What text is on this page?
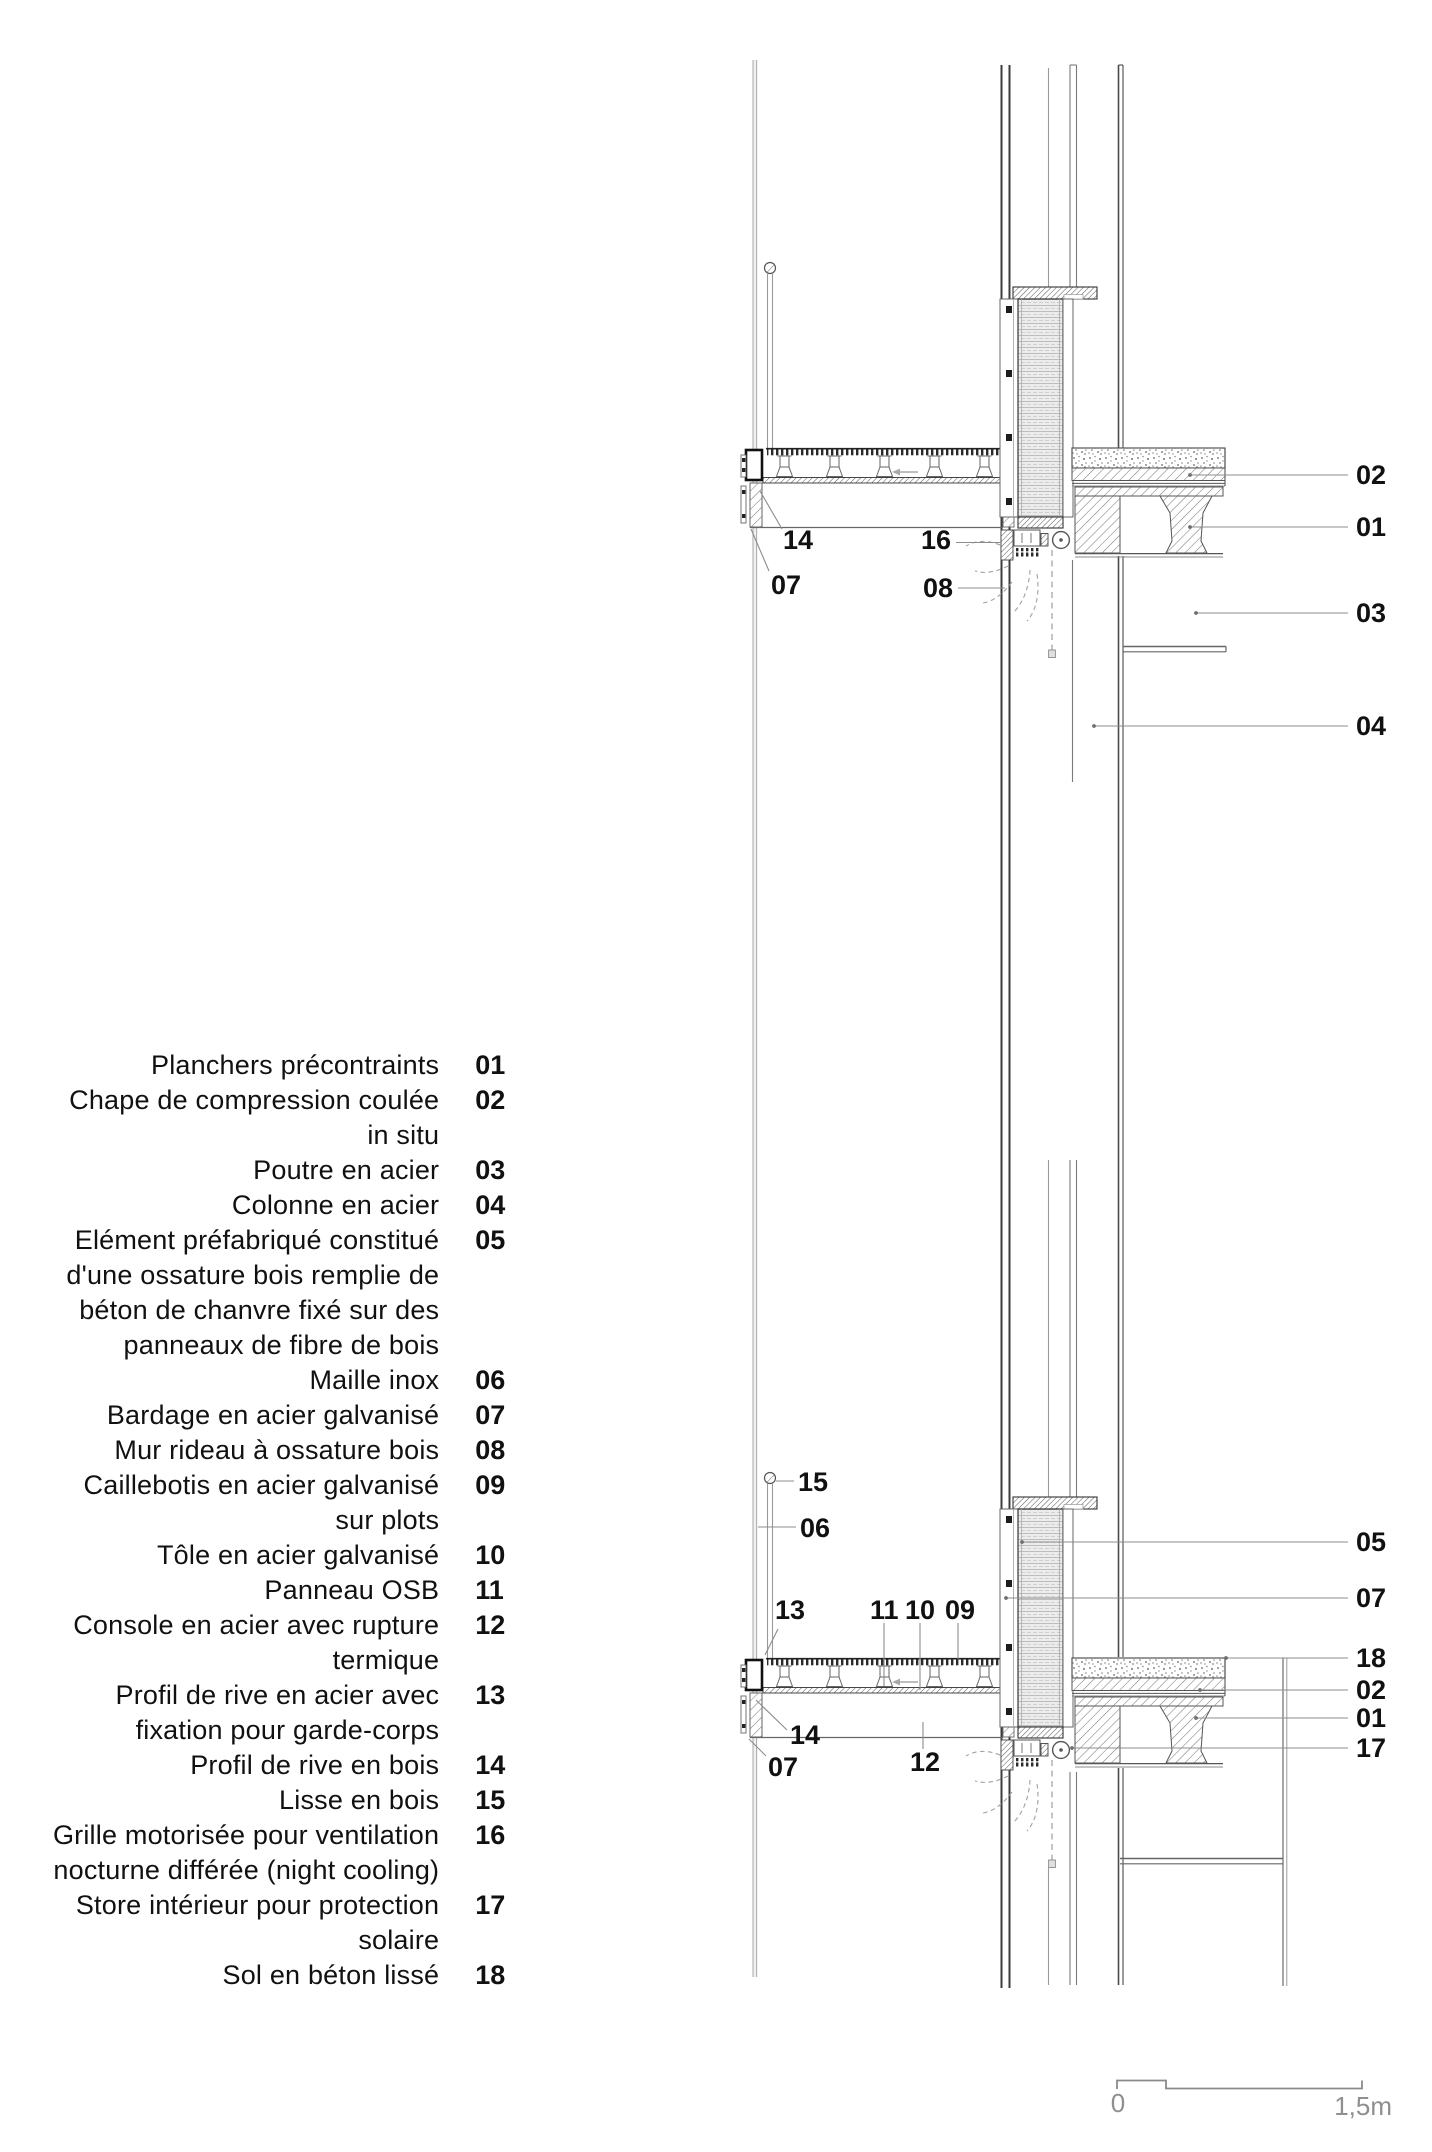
14	16
07	08
02
01
03
04
15
06
13 11 10 09
14
07	12
05
07
18
02
01
17
0	1,5m
Planchers précontraints	01
Chape de compression coulée	02
in situ
Poutre en acier	03
Colonne en acier	04
Elément préfabriqué constitué	05
d'une ossature bois remplie de
béton de chanvre fixé sur des
panneaux de fibre de bois
Maille inox	06
Bardage en acier galvanisé	07
Mur rideau à ossature bois	08
Caillebotis en acier galvanisé	09
sur plots
Tôle en acier galvanisé	10
Panneau OSB	11
Console en acier avec rupture	12
termique
Profil de rive en acier avec	13
fixation pour garde-corps
Profil de rive en bois	14
Lisse en bois	15
Grille motorisée pour ventilation	16
nocturne différée (night cooling)
Store intérieur pour protection	17
solaire
Sol en béton lissé	18
